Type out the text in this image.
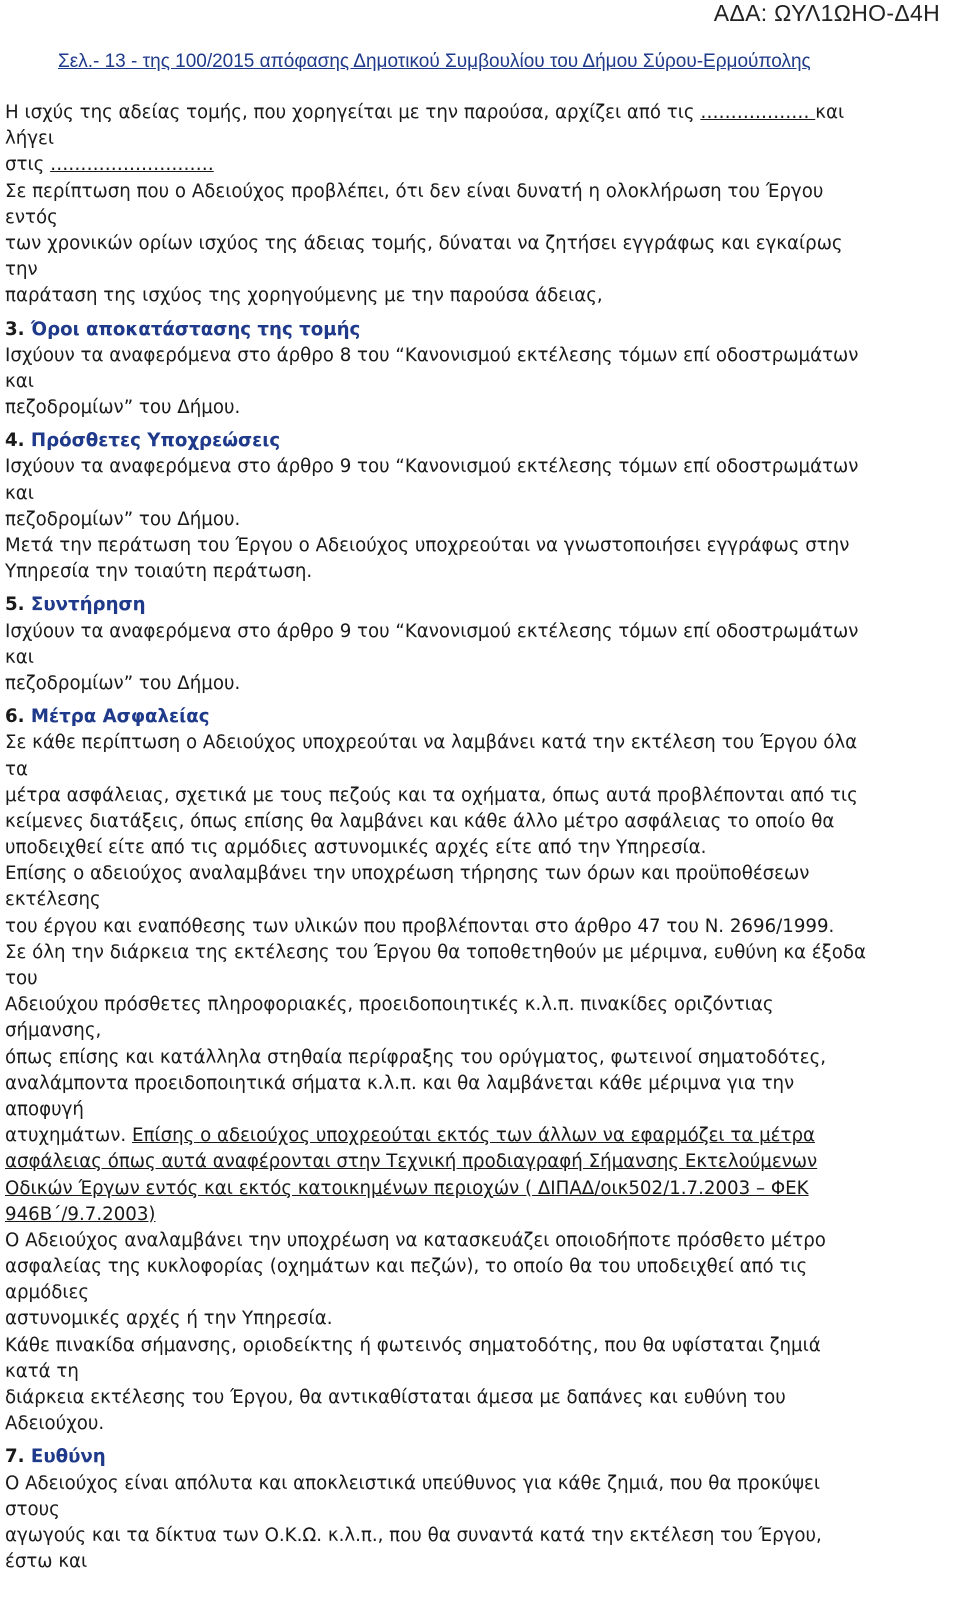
ΑΔΑ: ΩΥΛ1ΩΗΟ-Δ4Η
Σελ.- 13 - της 100/2015 απόφασης Δημοτικού Συμβουλίου του Δήμου Σύρου-Ερμούπολης
Η ισχύς της αδείας τομής, που χορηγείται με την παρούσα, αρχίζει από τις ……………… και
λήγει
στις ………………………
Σε περίπτωση που ο Αδειούχος προβλέπει, ότι δεν είναι δυνατή η ολοκλήρωση του Έργου
εντός
των χρονικών ορίων ισχύος της άδειας τομής, δύναται να ζητήσει εγγράφως και εγκαίρως
την
παράταση της ισχύος της χορηγούμενης με την παρούσα άδειας,
3. Όροι αποκατάστασης της τομής
Ισχύουν τα αναφερόμενα στο άρθρο 8 του “Κανονισμού εκτέλεσης τόμων επί οδοστρωμάτων
και
πεζοδρομίων” του Δήμου.
4. Πρόσθετες Υποχρεώσεις
Ισχύουν τα αναφερόμενα στο άρθρο 9 του “Κανονισμού εκτέλεσης τόμων επί οδοστρωμάτων
και
πεζοδρομίων” του Δήμου.
Μετά την περάτωση του Έργου ο Αδειούχος υποχρεούται να γνωστοποιήσει εγγράφως στην
Υπηρεσία την τοιαύτη περάτωση.
5. Συντήρηση
Ισχύουν τα αναφερόμενα στο άρθρο 9 του “Κανονισμού εκτέλεσης τόμων επί οδοστρωμάτων
και
πεζοδρομίων” του Δήμου.
6. Μέτρα Ασφαλείας
Σε κάθε περίπτωση ο Αδειούχος υποχρεούται να λαμβάνει κατά την εκτέλεση του Έργου όλα
τα
μέτρα ασφάλειας, σχετικά με τους πεζούς και τα οχήματα, όπως αυτά προβλέπονται από τις
κείμενες διατάξεις, όπως επίσης θα λαμβάνει και κάθε άλλο μέτρο ασφάλειας το οποίο θα
υποδειχθεί είτε από τις αρμόδιες αστυνομικές αρχές είτε από την Υπηρεσία.
Επίσης ο αδειούχος αναλαμβάνει την υποχρέωση τήρησης των όρων και προϋποθέσεων
εκτέλεσης
του έργου και εναπόθεσης των υλικών που προβλέπονται στο άρθρο 47 του Ν. 2696/1999.
Σε όλη την διάρκεια της εκτέλεσης του Έργου θα τοποθετηθούν με μέριμνα, ευθύνη κα έξοδα
του
Αδειούχου πρόσθετες πληροφοριακές, προειδοποιητικές κ.λ.π. πινακίδες οριζόντιας
σήμανσης,
όπως επίσης και κατάλληλα στηθαία περίφραξης του ορύγματος, φωτεινοί σηματοδότες,
αναλάμποντα προειδοποιητικά σήματα κ.λ.π. και θα λαμβάνεται κάθε μέριμνα για την
αποφυγή
ατυχημάτων. Επίσης ο αδειούχος υποχρεούται εκτός των άλλων να εφαρμόζει τα μέτρα
ασφάλειας όπως αυτά αναφέρονται στην Τεχνική προδιαγραφή Σήμανσης Εκτελούμενων
Οδικών Έργων εντός και εκτός κατοικημένων περιοχών ( ΔΙΠΑΔ/οικ502/1.7.2003 – ΦΕΚ
946Β΄/9.7.2003)
Ο Αδειούχος αναλαμβάνει την υποχρέωση να κατασκευάζει οποιοδήποτε πρόσθετο μέτρο
ασφαλείας της κυκλοφορίας (οχημάτων και πεζών), το οποίο θα του υποδειχθεί από τις
αρμόδιες
αστυνομικές αρχές ή την Υπηρεσία.
Κάθε πινακίδα σήμανσης, οριοδείκτης ή φωτεινός σηματοδότης, που θα υφίσταται ζημιά
κατά τη
διάρκεια εκτέλεσης του Έργου, θα αντικαθίσταται άμεσα με δαπάνες και ευθύνη του
Αδειούχου.
7. Ευθύνη
Ο Αδειούχος είναι απόλυτα και αποκλειστικά υπεύθυνος για κάθε ζημιά, που θα προκύψει
στους
αγωγούς και τα δίκτυα των Ο.Κ.Ω. κ.λ.π., που θα συναντά κατά την εκτέλεση του Έργου,
έστω και
